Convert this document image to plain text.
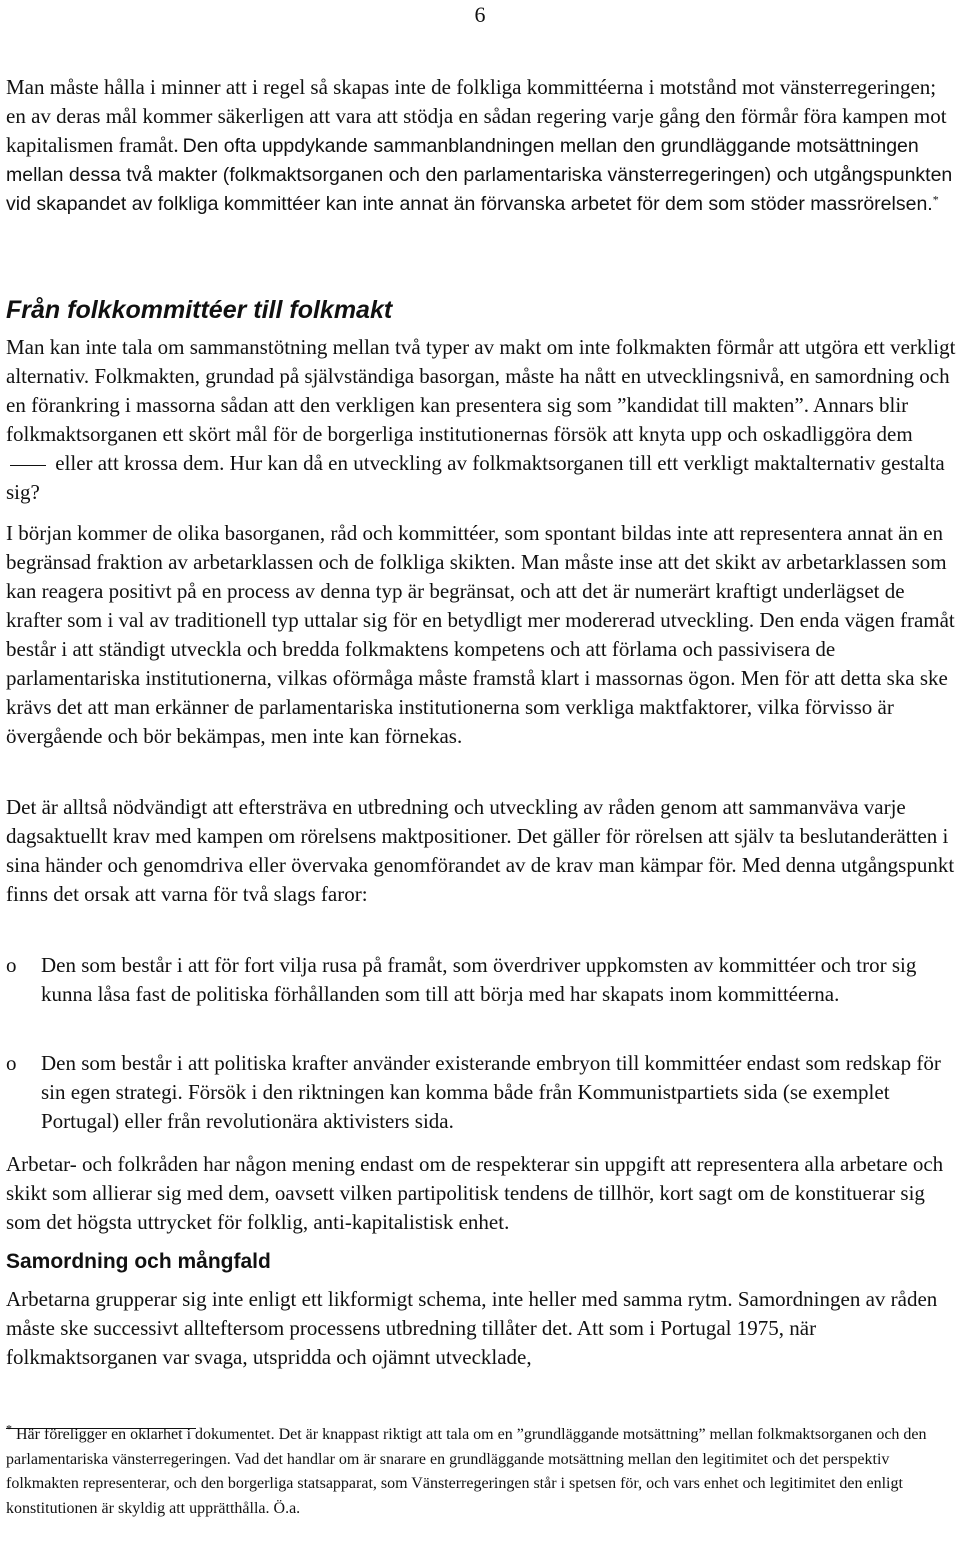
6
Man måste hålla i minner att i regel så skapas inte de folkliga kommittéerna i motstånd mot vänsterregeringen; en av deras mål kommer säkerligen att vara att stödja en sådan regering varje gång den förmår föra kampen mot kapitalismen framåt. Den ofta uppdykande sammanblandningen mellan den grundläggande motsättningen mellan dessa två makter (folkmaktsorganen och den parlamentariska vänsterregeringen) och utgångspunkten vid skapandet av folkliga kommittéer kan inte annat än förvanska arbetet för dem som stöder massrörelsen.*
Från folkkommittéer till folkmakt
Man kan inte tala om sammanstötning mellan två typer av makt om inte folkmakten förmår att utgöra ett verkligt alternativ. Folkmakten, grundad på självständiga basorgan, måste ha nått en utvecklingsnivå, en samordning och en förankring i massorna sådan att den verkligen kan presentera sig som ”kandidat till makten”. Annars blir folkmaktsorganen ett skört mål för de borgerliga institutionernas försök att knyta upp och oskadliggöra dem  eller att krossa dem. Hur kan då en utveckling av folkmaktsorganen till ett verkligt maktalternativ gestalta sig?
I början kommer de olika basorganen, råd och kommittéer, som spontant bildas inte att representera annat än en begränsad fraktion av arbetarklassen och de folkliga skikten. Man måste inse att det skikt av arbetarklassen som kan reagera positivt på en process av denna typ är begränsat, och att det är numerärt kraftigt underlägset de krafter som i val av traditionell typ uttalar sig för en betydligt mer modererad utveckling. Den enda vägen framåt består i att ständigt utveckla och bredda folkmaktens kompetens och att förlama och passivisera de parlamentariska institutionerna, vilkas oförmåga måste framstå klart i massornas ögon. Men för att detta ska ske krävs det att man erkänner de parlamentariska institutionerna som verkliga maktfaktorer, vilka förvisso är övergående och bör bekämpas, men inte kan förnekas.
Det är alltså nödvändigt att eftersträva en utbredning och utveckling av råden genom att sammanväva varje dagsaktuellt krav med kampen om rörelsens maktpositioner. Det gäller för rörelsen att själv ta beslutanderätten i sina händer och genomdriva eller övervaka genomförandet av de krav man kämpar för. Med denna utgångspunkt finns det orsak att varna för två slags faror:
o Den som består i att för fort vilja rusa på framåt, som överdriver uppkomsten av kommittéer och tror sig kunna låsa fast de politiska förhållanden som till att börja med har skapats inom kommittéerna.
o Den som består i att politiska krafter använder existerande embryon till kommittéer endast som redskap för sin egen strategi. Försök i den riktningen kan komma både från Kommunistpartiets sida (se exemplet Portugal) eller från revolutionära aktivisters sida.
Arbetar- och folkråden har någon mening endast om de respekterar sin uppgift att representera alla arbetare och skikt som allierar sig med dem, oavsett vilken partipolitisk tendens de tillhör, kort sagt om de konstituerar sig som det högsta uttrycket för folklig, anti-kapitalistisk enhet.
Samordning och mångfald
Arbetarna grupperar sig inte enligt ett likformigt schema, inte heller med samma rytm. Samordningen av råden måste ske successivt allteftersom processens utbredning tillåter det. Att som i Portugal 1975, när folkmaktsorganen var svaga, utspridda och ojämnt utvecklade,
* Här föreligger en oklarhet i dokumentet. Det är knappast riktigt att tala om en ”grundläggande motsättning” mellan folkmaktsorganen och den parlamentariska vänsterregeringen. Vad det handlar om är snarare en grundläggande motsättning mellan den legitimitet och det perspektiv folkmakten representerar, och den borgerliga statsapparat, som Vänsterregeringen står i spetsen för, och vars enhet och legitimitet den enligt konstitutionen är skyldig att upprätthålla. Ö.a.
